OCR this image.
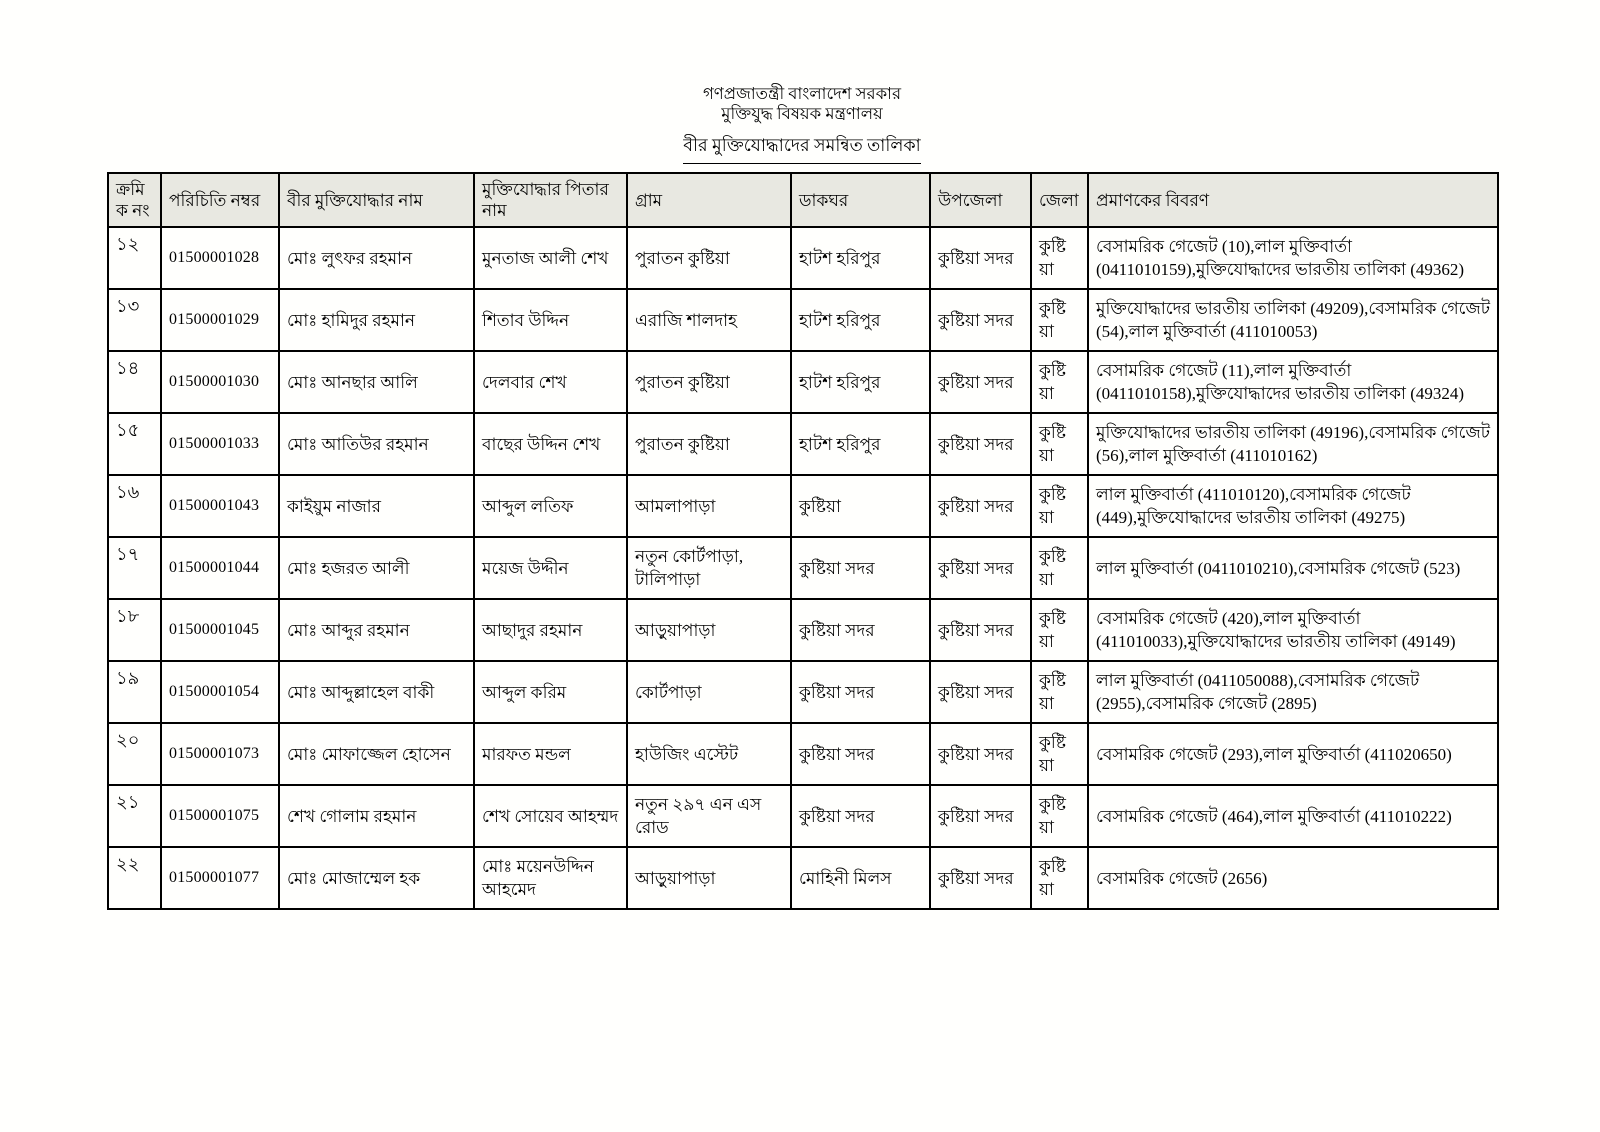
গণপ্রজাতন্ত্রী বাংলাদেশ সরকার
মুক্তিযুদ্ধ বিষয়ক মন্ত্রণালয়
বীর মুক্তিযোদ্ধাদের সমন্বিত তালিকা
ক্রমিক নং	পরিচিতি নম্বর	বীর মুক্তিযোদ্ধার নাম	মুক্তিযোদ্ধার পিতার নাম	গ্রাম	ডাকঘর	উপজেলা	জেলা	প্রমাণকের বিবরণ
১২	01500001028	মোঃ লুৎফর রহমান	মুনতাজ আলী শেখ	পুরাতন কুষ্টিয়া	হাটশ হরিপুর	কুষ্টিয়া সদর	কুষ্টিয়া	বেসামরিক গেজেট (10),লাল মুক্তিবার্তা (0411010159),মুক্তিযোদ্ধাদের ভারতীয় তালিকা (49362)
১৩	01500001029	মোঃ হামিদুর রহমান	শিতাব উদ্দিন	এরাজি শালদাহ	হাটশ হরিপুর	কুষ্টিয়া সদর	কুষ্টিয়া	মুক্তিযোদ্ধাদের ভারতীয় তালিকা (49209),বেসামরিক গেজেট (54),লাল মুক্তিবার্তা (411010053)
১৪	01500001030	মোঃ আনছার আলি	দেলবার শেখ	পুরাতন কুষ্টিয়া	হাটশ হরিপুর	কুষ্টিয়া সদর	কুষ্টিয়া	বেসামরিক গেজেট (11),লাল মুক্তিবার্তা (0411010158),মুক্তিযোদ্ধাদের ভারতীয় তালিকা (49324)
১৫	01500001033	মোঃ আতিউর রহমান	বাছের উদ্দিন শেখ	পুরাতন কুষ্টিয়া	হাটশ হরিপুর	কুষ্টিয়া সদর	কুষ্টিয়া	মুক্তিযোদ্ধাদের ভারতীয় তালিকা (49196),বেসামরিক গেজেট (56),লাল মুক্তিবার্তা (411010162)
১৬	01500001043	কাইয়ুম নাজার	আব্দুল লতিফ	আমলাপাড়া	কুষ্টিয়া	কুষ্টিয়া সদর	কুষ্টিয়া	লাল মুক্তিবার্তা (411010120),বেসামরিক গেজেট (449),মুক্তিযোদ্ধাদের ভারতীয় তালিকা (49275)
১৭	01500001044	মোঃ হজরত আলী	ময়েজ উদ্দীন	নতুন কোর্টপাড়া, টালিপাড়া	কুষ্টিয়া সদর	কুষ্টিয়া সদর	কুষ্টিয়া	লাল মুক্তিবার্তা (0411010210),বেসামরিক গেজেট (523)
১৮	01500001045	মোঃ আব্দুর রহমান	আছাদুর রহমান	আড়ুয়াপাড়া	কুষ্টিয়া সদর	কুষ্টিয়া সদর	কুষ্টিয়া	বেসামরিক গেজেট (420),লাল মুক্তিবার্তা (411010033),মুক্তিযোদ্ধাদের ভারতীয় তালিকা (49149)
১৯	01500001054	মোঃ আব্দুল্লাহেল বাকী	আব্দুল করিম	কোর্টপাড়া	কুষ্টিয়া সদর	কুষ্টিয়া সদর	কুষ্টিয়া	লাল মুক্তিবার্তা (0411050088),বেসামরিক গেজেট (2955),বেসামরিক গেজেট (2895)
২০	01500001073	মোঃ মোফাজ্জেল হোসেন	মারফত মন্ডল	হাউজিং এস্টেট	কুষ্টিয়া সদর	কুষ্টিয়া সদর	কুষ্টিয়া	বেসামরিক গেজেট (293),লাল মুক্তিবার্তা (411020650)
২১	01500001075	শেখ গোলাম রহমান	শেখ সোয়েব আহম্মদ	নতুন ২৯৭ এন এস রোড	কুষ্টিয়া সদর	কুষ্টিয়া সদর	কুষ্টিয়া	বেসামরিক গেজেট (464),লাল মুক্তিবার্তা (411010222)
২২	01500001077	মোঃ মোজাম্মেল হক	মোঃ ময়েনউদ্দিন আহমেদ	আড়ুয়াপাড়া	মোহিনী মিলস	কুষ্টিয়া সদর	কুষ্টিয়া	বেসামরিক গেজেট (2656)
